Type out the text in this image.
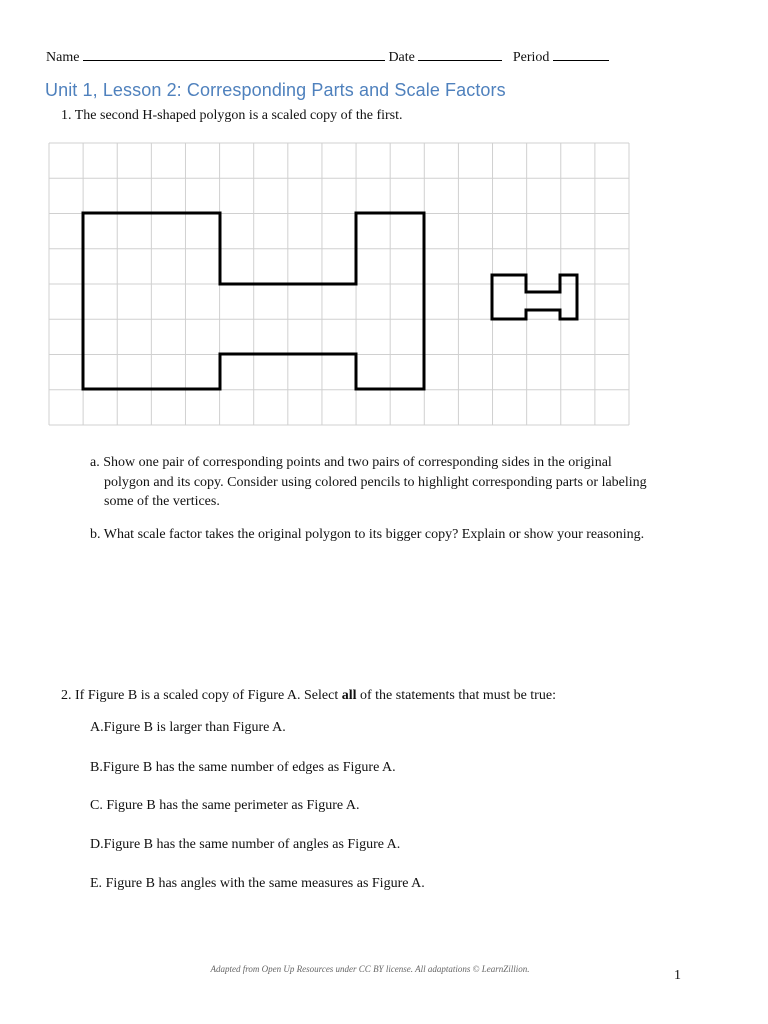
Name	Date	Period
Unit 1, Lesson 2: Corresponding Parts and Scale Factors
1. The second H-shaped polygon is a scaled copy of the first.
a. Show one pair of corresponding points and two pairs of corresponding sides in the original
polygon and its copy. Consider using colored pencils to highlight corresponding parts or labeling
some of the vertices.
b. What scale factor takes the original polygon to its bigger copy? Explain or show your reasoning.
2. If Figure B is a scaled copy of Figure A. Select all of the statements that must be true:
A.Figure B is larger than Figure A.
B.Figure B has the same number of edges as Figure A.
C. Figure B has the same perimeter as Figure A.
D.Figure B has the same number of angles as Figure A.
E. Figure B has angles with the same measures as Figure A.
Adapted from Open Up Resources under CC BY license. All adaptations © LearnZillion.	1
